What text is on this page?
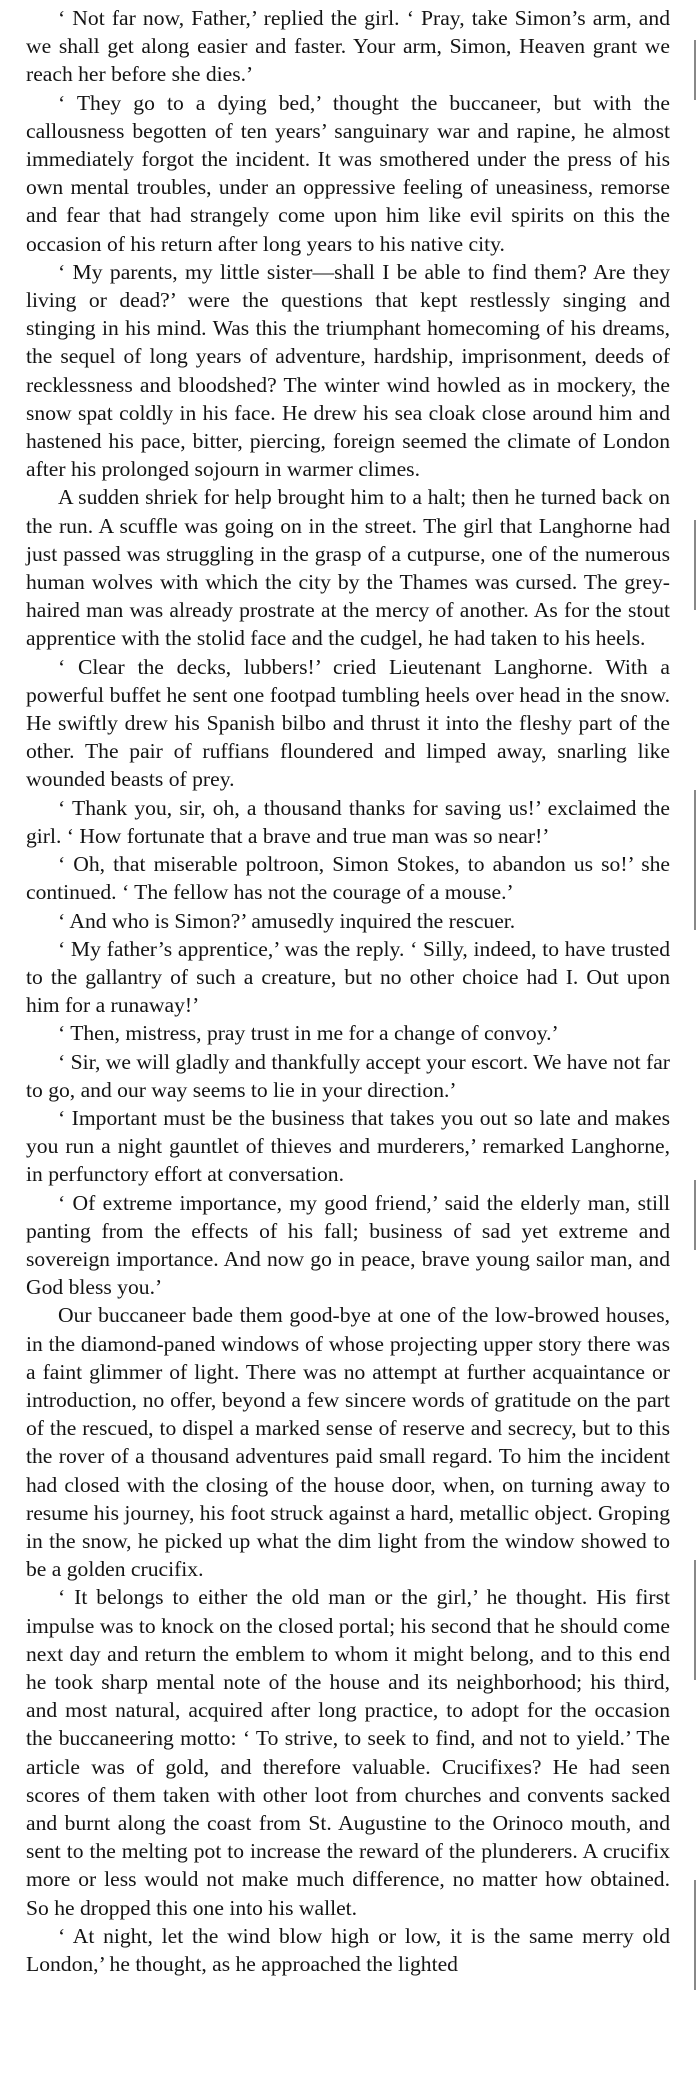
‘ Not far now, Father,’ replied the girl. ‘ Pray, take Simon’s arm, and we shall get along easier and faster. Your arm, Simon, Heaven grant we reach her before she dies.’

‘ They go to a dying bed,’ thought the buccaneer, but with the callousness begotten of ten years’ sanguinary war and rapine, he almost immediately forgot the incident. It was smothered under the press of his own mental troubles, under an oppressive feeling of uneasiness, remorse and fear that had strangely come upon him like evil spirits on this the occasion of his return after long years to his native city.

‘ My parents, my little sister—shall I be able to find them? Are they living or dead?’ were the questions that kept restlessly singing and stinging in his mind. Was this the triumphant homecoming of his dreams, the sequel of long years of adventure, hardship, imprisonment, deeds of recklessness and bloodshed? The winter wind howled as in mockery, the snow spat coldly in his face. He drew his sea cloak close around him and hastened his pace, bitter, piercing, foreign seemed the climate of London after his prolonged sojourn in warmer climes.

A sudden shriek for help brought him to a halt; then he turned back on the run. A scuffle was going on in the street. The girl that Langhorne had just passed was struggling in the grasp of a cutpurse, one of the numerous human wolves with which the city by the Thames was cursed. The grey-haired man was already prostrate at the mercy of another. As for the stout apprentice with the stolid face and the cudgel, he had taken to his heels.

‘ Clear the decks, lubbers!’ cried Lieutenant Langhorne. With a powerful buffet he sent one footpad tumbling heels over head in the snow. He swiftly drew his Spanish bilbo and thrust it into the fleshy part of the other. The pair of ruffians floundered and limped away, snarling like wounded beasts of prey.

‘ Thank you, sir, oh, a thousand thanks for saving us!’ exclaimed the girl. ‘ How fortunate that a brave and true man was so near!’

‘ Oh, that miserable poltroon, Simon Stokes, to abandon us so!’ she continued. ‘ The fellow has not the courage of a mouse.’

‘ And who is Simon?’ amusedly inquired the rescuer.

‘ My father’s apprentice,’ was the reply. ‘ Silly, indeed, to have trusted to the gallantry of such a creature, but no other choice had I. Out upon him for a runaway!’

‘ Then, mistress, pray trust in me for a change of convoy.’

‘ Sir, we will gladly and thankfully accept your escort. We have not far to go, and our way seems to lie in your direction.’

‘ Important must be the business that takes you out so late and makes you run a night gauntlet of thieves and murderers,’ remarked Langhorne, in perfunctory effort at conversation.

‘ Of extreme importance, my good friend,’ said the elderly man, still panting from the effects of his fall; business of sad yet extreme and sovereign importance. And now go in peace, brave young sailor man, and God bless you.’

Our buccaneer bade them good-bye at one of the low-browed houses, in the diamond-paned windows of whose projecting upper story there was a faint glimmer of light. There was no attempt at further acquaintance or introduction, no offer, beyond a few sincere words of gratitude on the part of the rescued, to dispel a marked sense of reserve and secrecy, but to this the rover of a thousand adventures paid small regard. To him the incident had closed with the closing of the house door, when, on turning away to resume his journey, his foot struck against a hard, metallic object. Groping in the snow, he picked up what the dim light from the window showed to be a golden crucifix.

‘ It belongs to either the old man or the girl,’ he thought. His first impulse was to knock on the closed portal; his second that he should come next day and return the emblem to whom it might belong, and to this end he took sharp mental note of the house and its neighborhood; his third, and most natural, acquired after long practice, to adopt for the occasion the buccaneering motto: ‘ To strive, to seek to find, and not to yield.’ The article was of gold, and therefore valuable. Crucifixes? He had seen scores of them taken with other loot from churches and convents sacked and burnt along the coast from St. Augustine to the Orinoco mouth, and sent to the melting pot to increase the reward of the plunderers. A crucifix more or less would not make much difference, no matter how obtained. So he dropped this one into his wallet.

‘ At night, let the wind blow high or low, it is the same merry old London,’ he thought, as he approached the lighted
